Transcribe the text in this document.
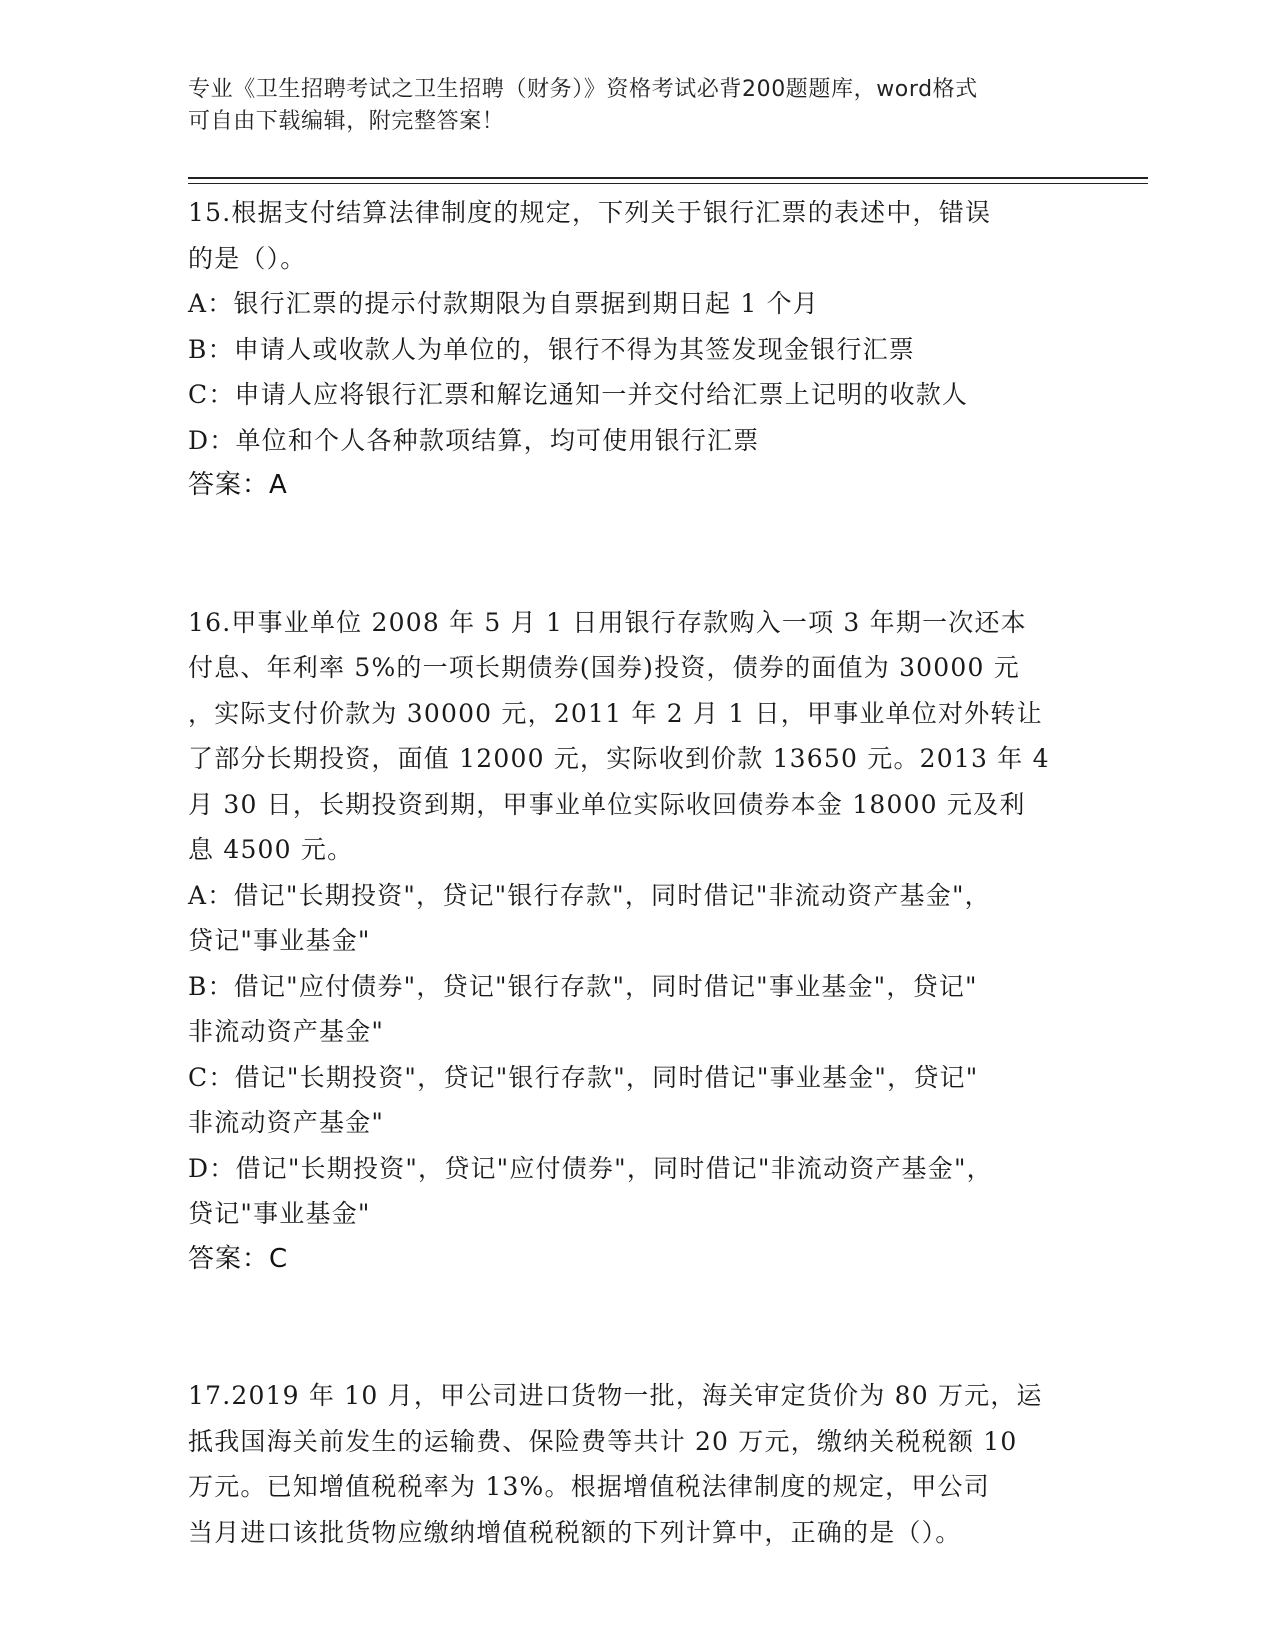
专业《卫生招聘考试之卫生招聘（财务）》资格考试必背200题题库，word格式
可自由下载编辑，附完整答案！
15.根据支付结算法律制度的规定，下列关于银行汇票的表述中，错误
的是（）。
A：银行汇票的提示付款期限为自票据到期日起 1 个月
B：申请人或收款人为单位的，银行不得为其签发现金银行汇票
C：申请人应将银行汇票和解讫通知一并交付给汇票上记明的收款人
D：单位和个人各种款项结算，均可使用银行汇票
答案：A
16.甲事业单位 2008 年 5 月 1 日用银行存款购入一项 3 年期一次还本
付息、年利率 5%的一项长期债券(国券)投资，债券的面值为 30000 元
，实际支付价款为 30000 元，2011 年 2 月 1 日，甲事业单位对外转让
了部分长期投资，面值 12000 元，实际收到价款 13650 元。2013 年 4
月 30 日，长期投资到期，甲事业单位实际收回债券本金 18000 元及利
息 4500 元。
A：借记"长期投资"，贷记"银行存款"，同时借记"非流动资产基金"，
贷记"事业基金"
B：借记"应付债券"，贷记"银行存款"，同时借记"事业基金"，贷记"
非流动资产基金"
C：借记"长期投资"，贷记"银行存款"，同时借记"事业基金"，贷记"
非流动资产基金"
D：借记"长期投资"，贷记"应付债券"，同时借记"非流动资产基金"，
贷记"事业基金"
答案：C
17.2019 年 10 月，甲公司进口货物一批，海关审定货价为 80 万元，运
抵我国海关前发生的运输费、保险费等共计 20 万元，缴纳关税税额 10
万元。已知增值税税率为 13%。根据增值税法律制度的规定，甲公司
当月进口该批货物应缴纳增值税税额的下列计算中，正确的是（）。
